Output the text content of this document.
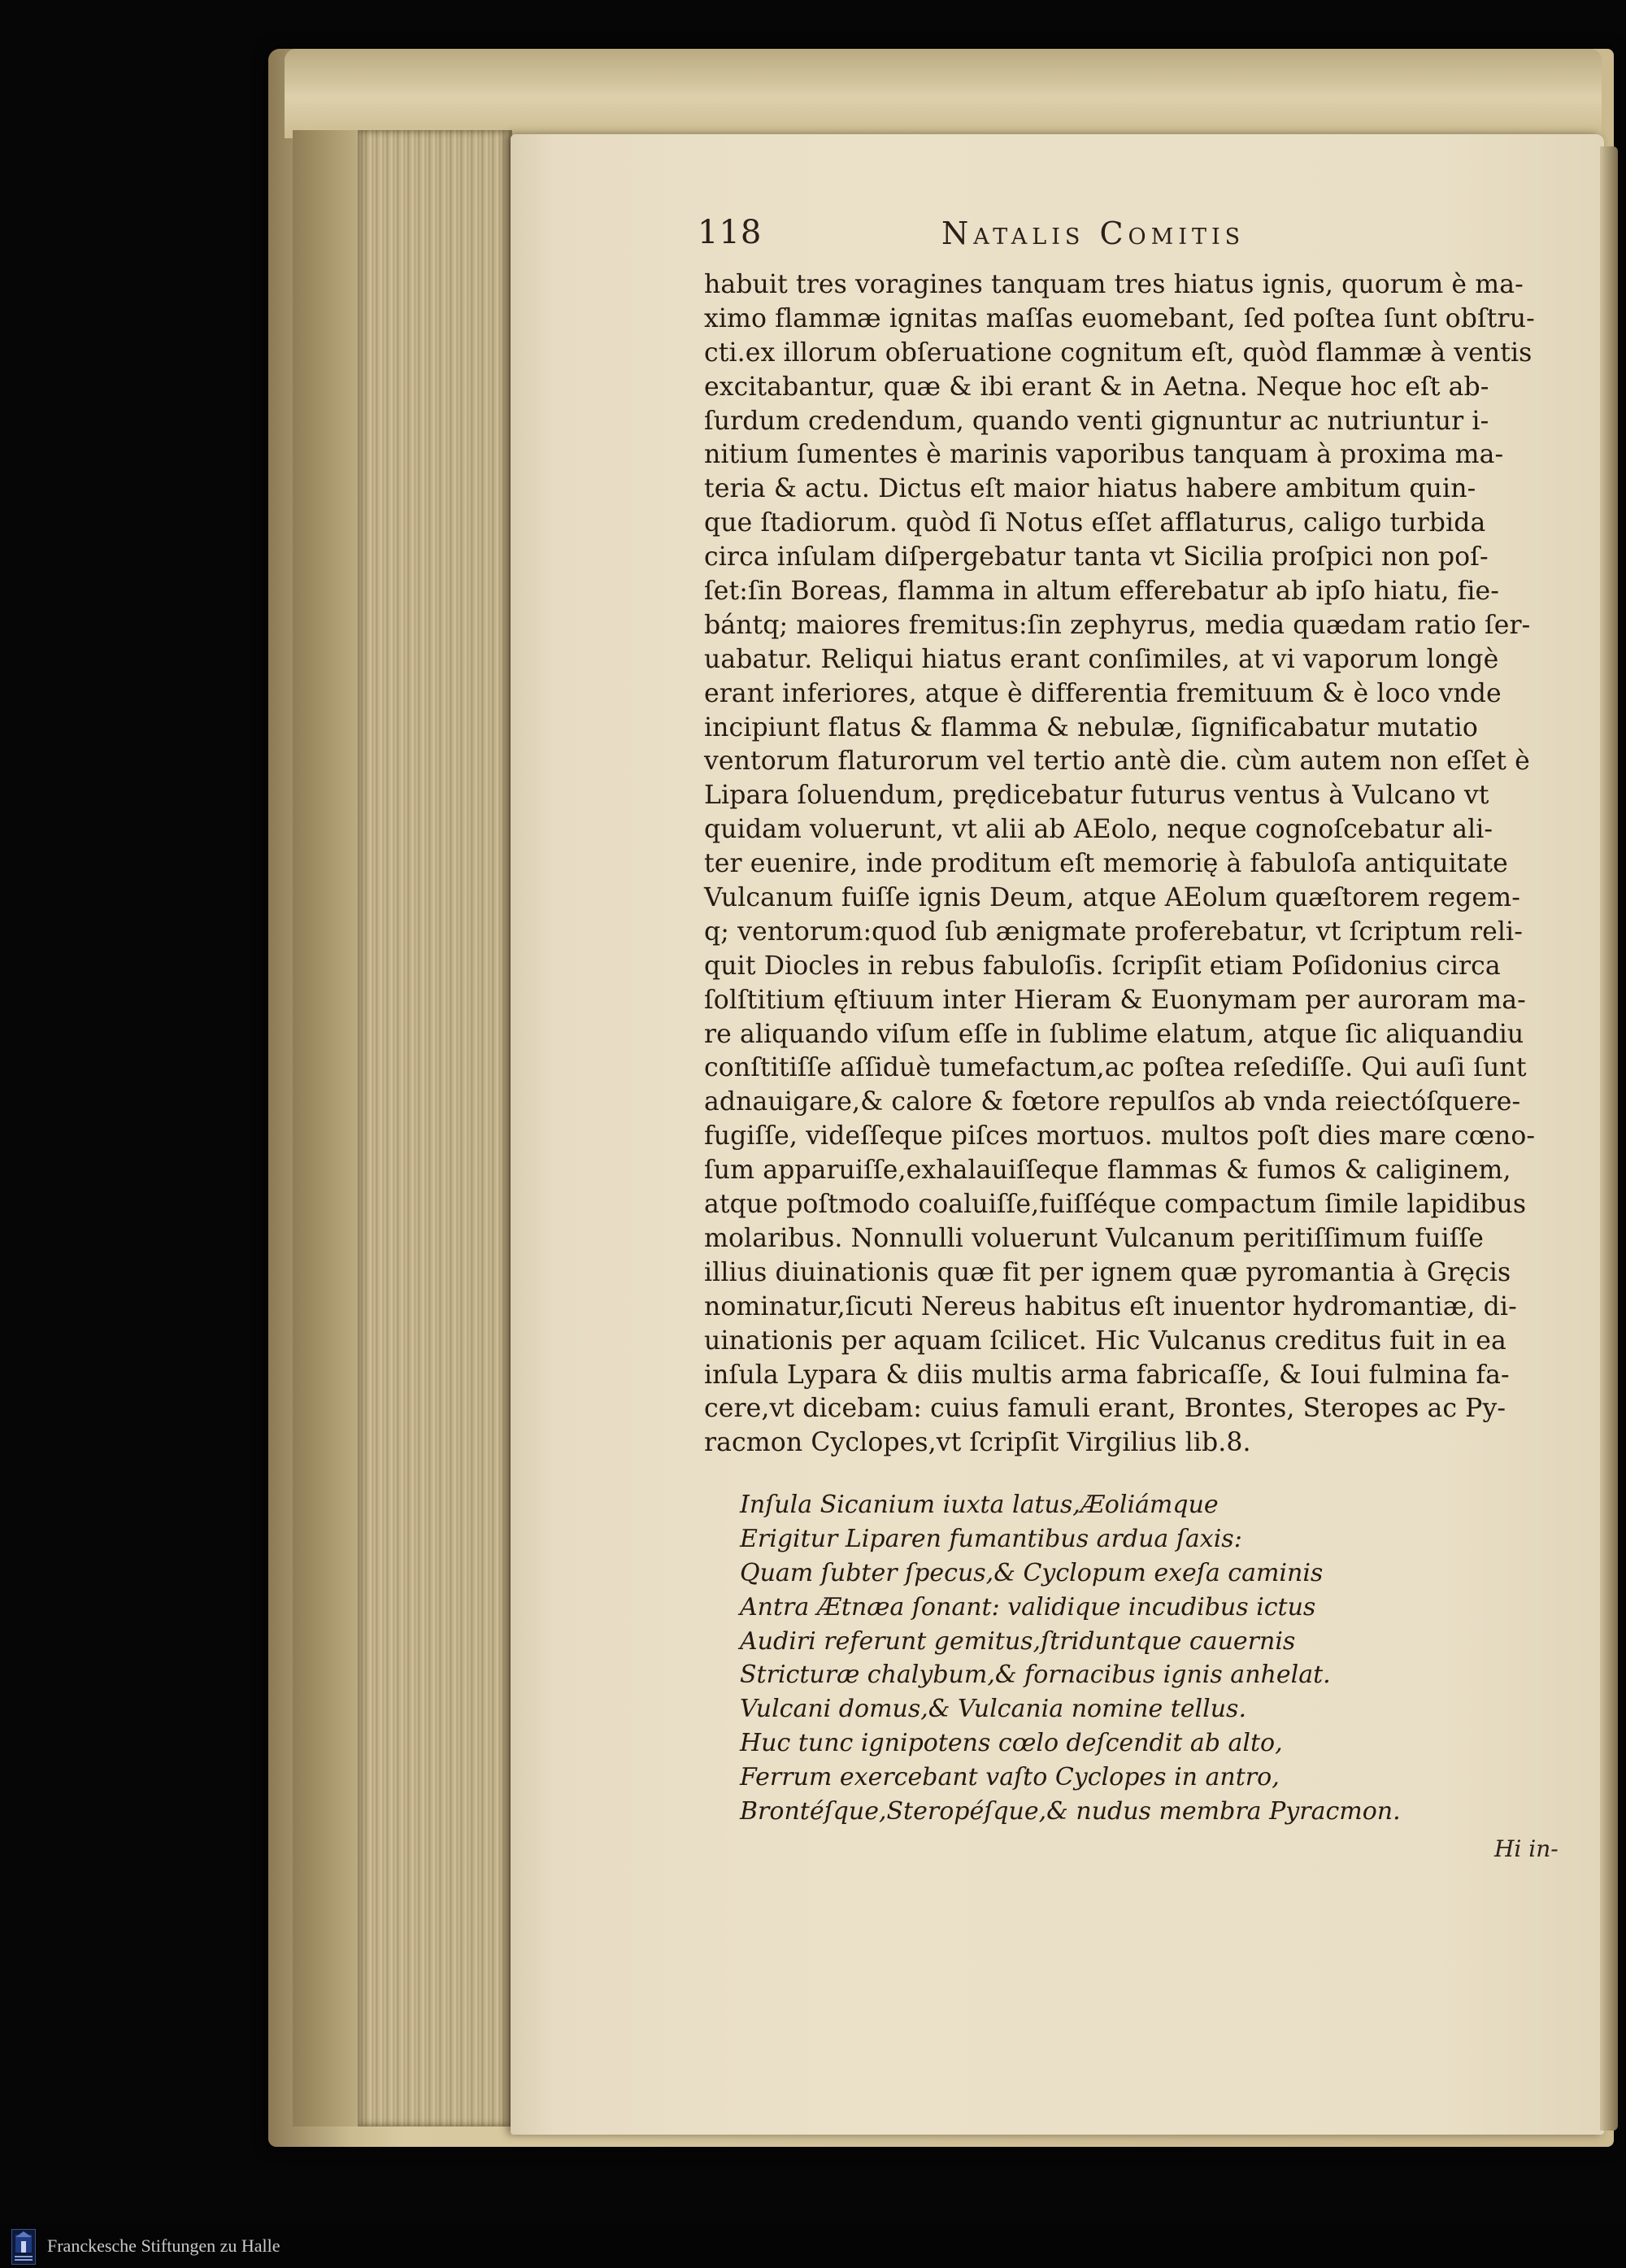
118	Natalis Comitis
habuit tres voragines tanquam tres hiatus ignis, quorum è ma-
ximo flammæ ignitas maſſas euomebant, ſed poſtea ſunt obſtru-
cti.ex illorum obſeruatione cognitum eſt, quòd flammæ à ventis
excitabantur, quæ & ibi erant & in Aetna. Neque hoc eſt ab-
ſurdum credendum, quando venti gignuntur ac nutriuntur i-
nitium ſumentes è marinis vaporibus tanquam à proxima ma-
teria & actu. Dictus eſt maior hiatus habere ambitum quin-
que ſtadiorum. quòd ſi Notus eſſet afflaturus, caligo turbida
circa inſulam diſpergebatur tanta vt Sicilia proſpici non poſ-
ſet:ſin Boreas, flamma in altum efferebatur ab ipſo hiatu, fie-
bántq; maiores fremitus:ſin zephyrus, media quædam ratio ſer-
uabatur. Reliqui hiatus erant conſimiles, at vi vaporum longè
erant inferiores, atque è differentia fremituum & è loco vnde
incipiunt flatus & flamma & nebulæ, ſignificabatur mutatio
ventorum flaturorum vel tertio antè die. cùm autem non eſſet è
Lipara ſoluendum, prędicebatur futurus ventus à Vulcano vt
quidam voluerunt, vt alii ab AEolo, neque cognoſcebatur ali-
ter euenire, inde proditum eſt memorię à fabuloſa antiquitate
Vulcanum fuiſſe ignis Deum, atque AEolum quæſtorem regem-
q; ventorum:quod ſub ænigmate proferebatur, vt ſcriptum reli-
quit Diocles in rebus fabuloſis. ſcripſit etiam Poſidonius circa
ſolſtitium ęſtiuum inter Hieram & Euonymam per auroram ma-
re aliquando viſum eſſe in ſublime elatum, atque ſic aliquandiu
conſtitiſſe aſſiduè tumefactum,ac poſtea reſediſſe. Qui auſi ſunt
adnauigare,& calore & fœtore repulſos ab vnda reiectóſquere-
fugiſſe, videſſeque piſces mortuos. multos poſt dies mare cœno-
ſum apparuiſſe,exhalauiſſeque flammas & fumos & caliginem,
atque poſtmodo coaluiſſe,fuiſſéque compactum ſimile lapidibus
molaribus. Nonnulli voluerunt Vulcanum peritiſſimum fuiſſe
illius diuinationis quæ fit per ignem quæ pyromantia à Gręcis
nominatur,ſicuti Nereus habitus eſt inuentor hydromantiæ, di-
uinationis per aquam ſcilicet. Hic Vulcanus creditus fuit in ea
inſula Lypara & diis multis arma fabricaſſe, & Ioui fulmina fa-
cere,vt dicebam: cuius famuli erant, Brontes, Steropes ac Py-
racmon Cyclopes,vt ſcripſit Virgilius lib.8.
Inſula Sicanium iuxta latus,Æoliámque
Erigitur Liparen fumantibus ardua ſaxis:
Quam ſubter ſpecus,& Cyclopum exeſa caminis
Antra Ætnæa ſonant: validique incudibus ictus
Audiri referunt gemitus,ſtriduntque cauernis
Stricturæ chalybum,& fornacibus ignis anhelat.
Vulcani domus,& Vulcania nomine tellus.
Huc tunc ignipotens cœlo deſcendit ab alto,
Ferrum exercebant vaſto Cyclopes in antro,
Brontéſque,Steropéſque,& nudus membra Pyracmon.
Hi in-
Franckesche Stiftungen zu Halle
